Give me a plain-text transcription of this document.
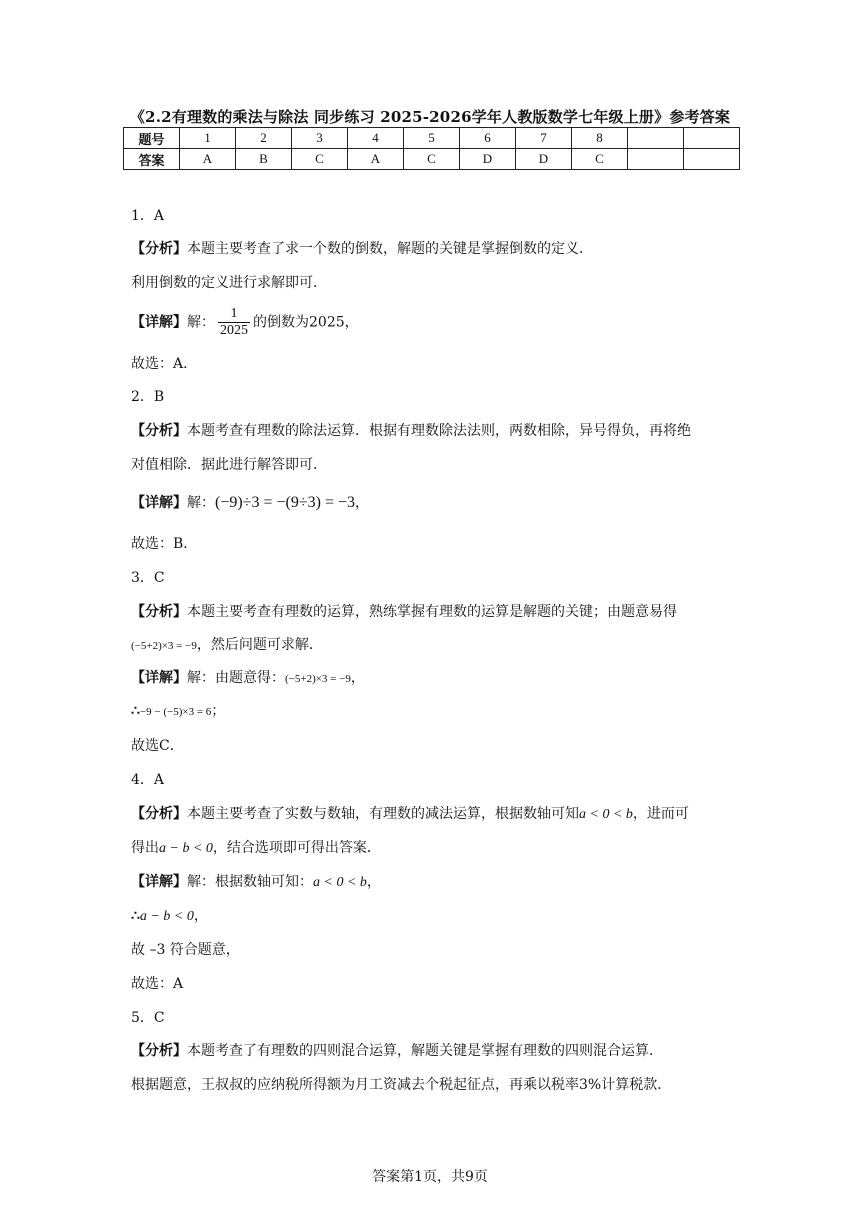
《2.2有理数的乘法与除法 同步练习 2025-2026学年人教版数学七年级上册》参考答案
题号	1	2	3	4	5	6	7	8		
答案	A	B	C	A	C	D	D	C		
1．A
【分析】本题主要考查了求一个数的倒数，解题的关键是掌握倒数的定义．
利用倒数的定义进行求解即可．
【详解】解： $\frac{1}{2025}$ 的倒数为2025，
故选：A．
2．B
【分析】本题考查有理数的除法运算．根据有理数除法法则，两数相除，异号得负，再将绝
对值相除．据此进行解答即可．
【详解】解：(−9)÷3 = −(9÷3) = −3，
故选：B．
3．C
【分析】本题主要考查有理数的运算，熟练掌握有理数的运算是解题的关键；由题意易得
(−5+2)×3 = −9，然后问题可求解．
【详解】解：由题意得：(−5+2)×3 = −9，
∴−9 − (−5)×3 = 6；
故选C．
4．A
【分析】本题主要考查了实数与数轴，有理数的减法运算，根据数轴可知a < 0 < b，进而可
得出a − b < 0，结合选项即可得出答案．
【详解】解：根据数轴可知：a < 0 < b，
∴a − b < 0，
故 –3 符合题意，
故选：A
5．C
【分析】本题考查了有理数的四则混合运算，解题关键是掌握有理数的四则混合运算．
根据题意，王叔叔的应纳税所得额为月工资减去个税起征点，再乘以税率3%计算税款．
答案第1页，共9页
